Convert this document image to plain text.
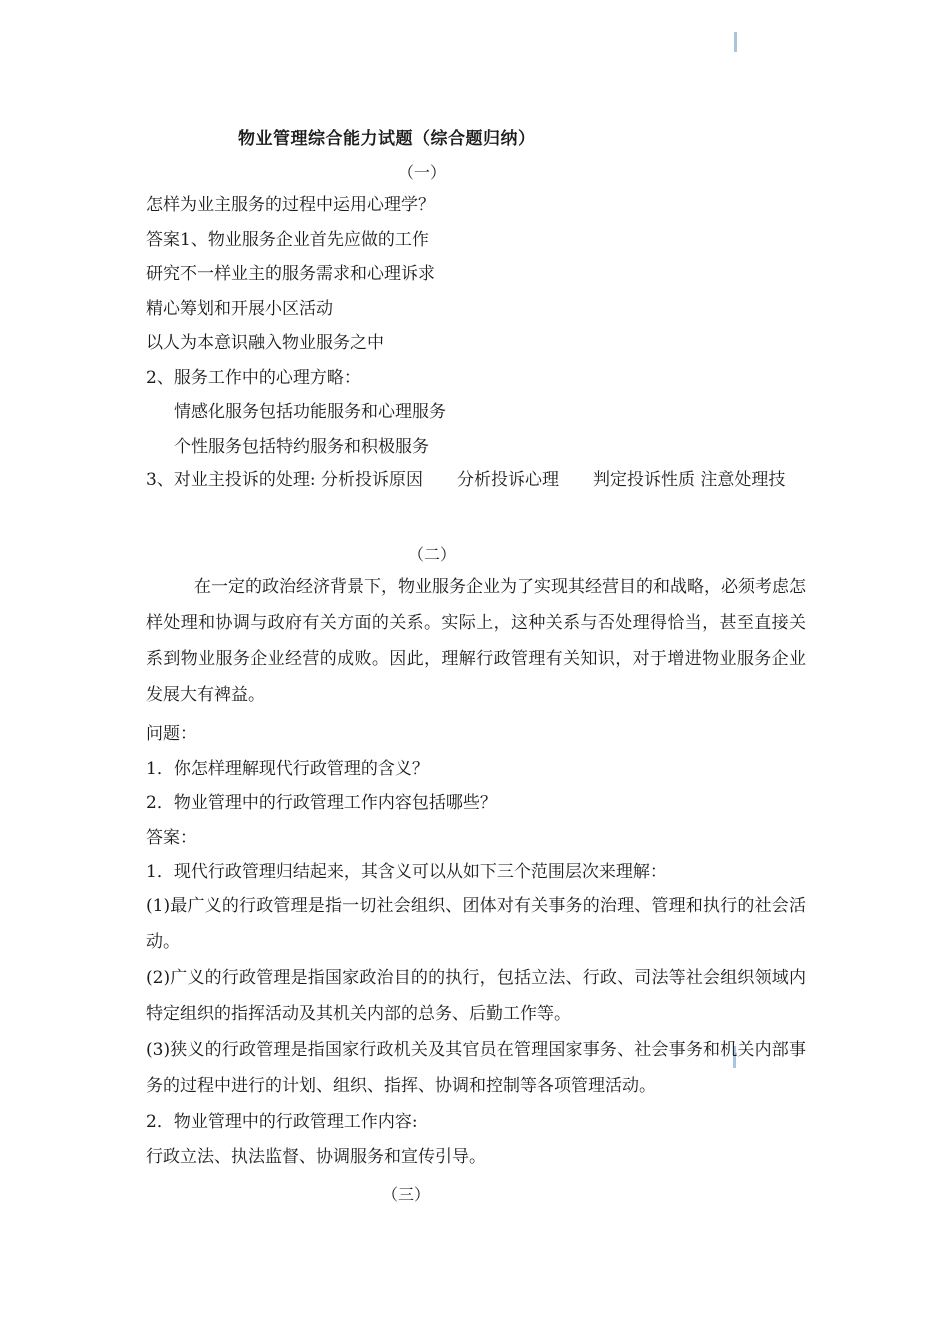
物业管理综合能力试题（综合题归纳）
（一）
怎样为业主服务的过程中运用心理学？
答案1、物业服务企业首先应做的工作
研究不一样业主的服务需求和心理诉求
精心筹划和开展小区活动
以人为本意识融入物业服务之中
2、服务工作中的心理方略：
情感化服务包括功能服务和心理服务
个性服务包括特约服务和积极服务

3、对业主投诉的处理: 分析投诉原因　　分析投诉心理　　判定投诉性质 注意处理技

（二）

在一定的政治经济背景下，物业服务企业为了实现其经营目的和战略，必须考虑怎样处理和协调与政府有关方面的关系。实际上，这种关系与否处理得恰当，甚至直接关系到物业服务企业经营的成败。因此，理解行政管理有关知识，对于增进物业服务企业发展大有裨益。

问题：
1．你怎样理解现代行政管理的含义？
2．物业管理中的行政管理工作内容包括哪些？
答案：
1．现代行政管理归结起来，其含义可以从如下三个范围层次来理解：

(1)最广义的行政管理是指一切社会组织、团体对有关事务的治理、管理和执行的社会活动。

(2)广义的行政管理是指国家政治目的的执行，包括立法、行政、司法等社会组织领域内特定组织的指挥活动及其机关内部的总务、后勤工作等。

(3)狭义的行政管理是指国家行政机关及其官员在管理国家事务、社会事务和机关内部事务的过程中进行的计划、组织、指挥、协调和控制等各项管理活动。

2．物业管理中的行政管理工作内容:
行政立法、执法监督、协调服务和宣传引导。
（三）
